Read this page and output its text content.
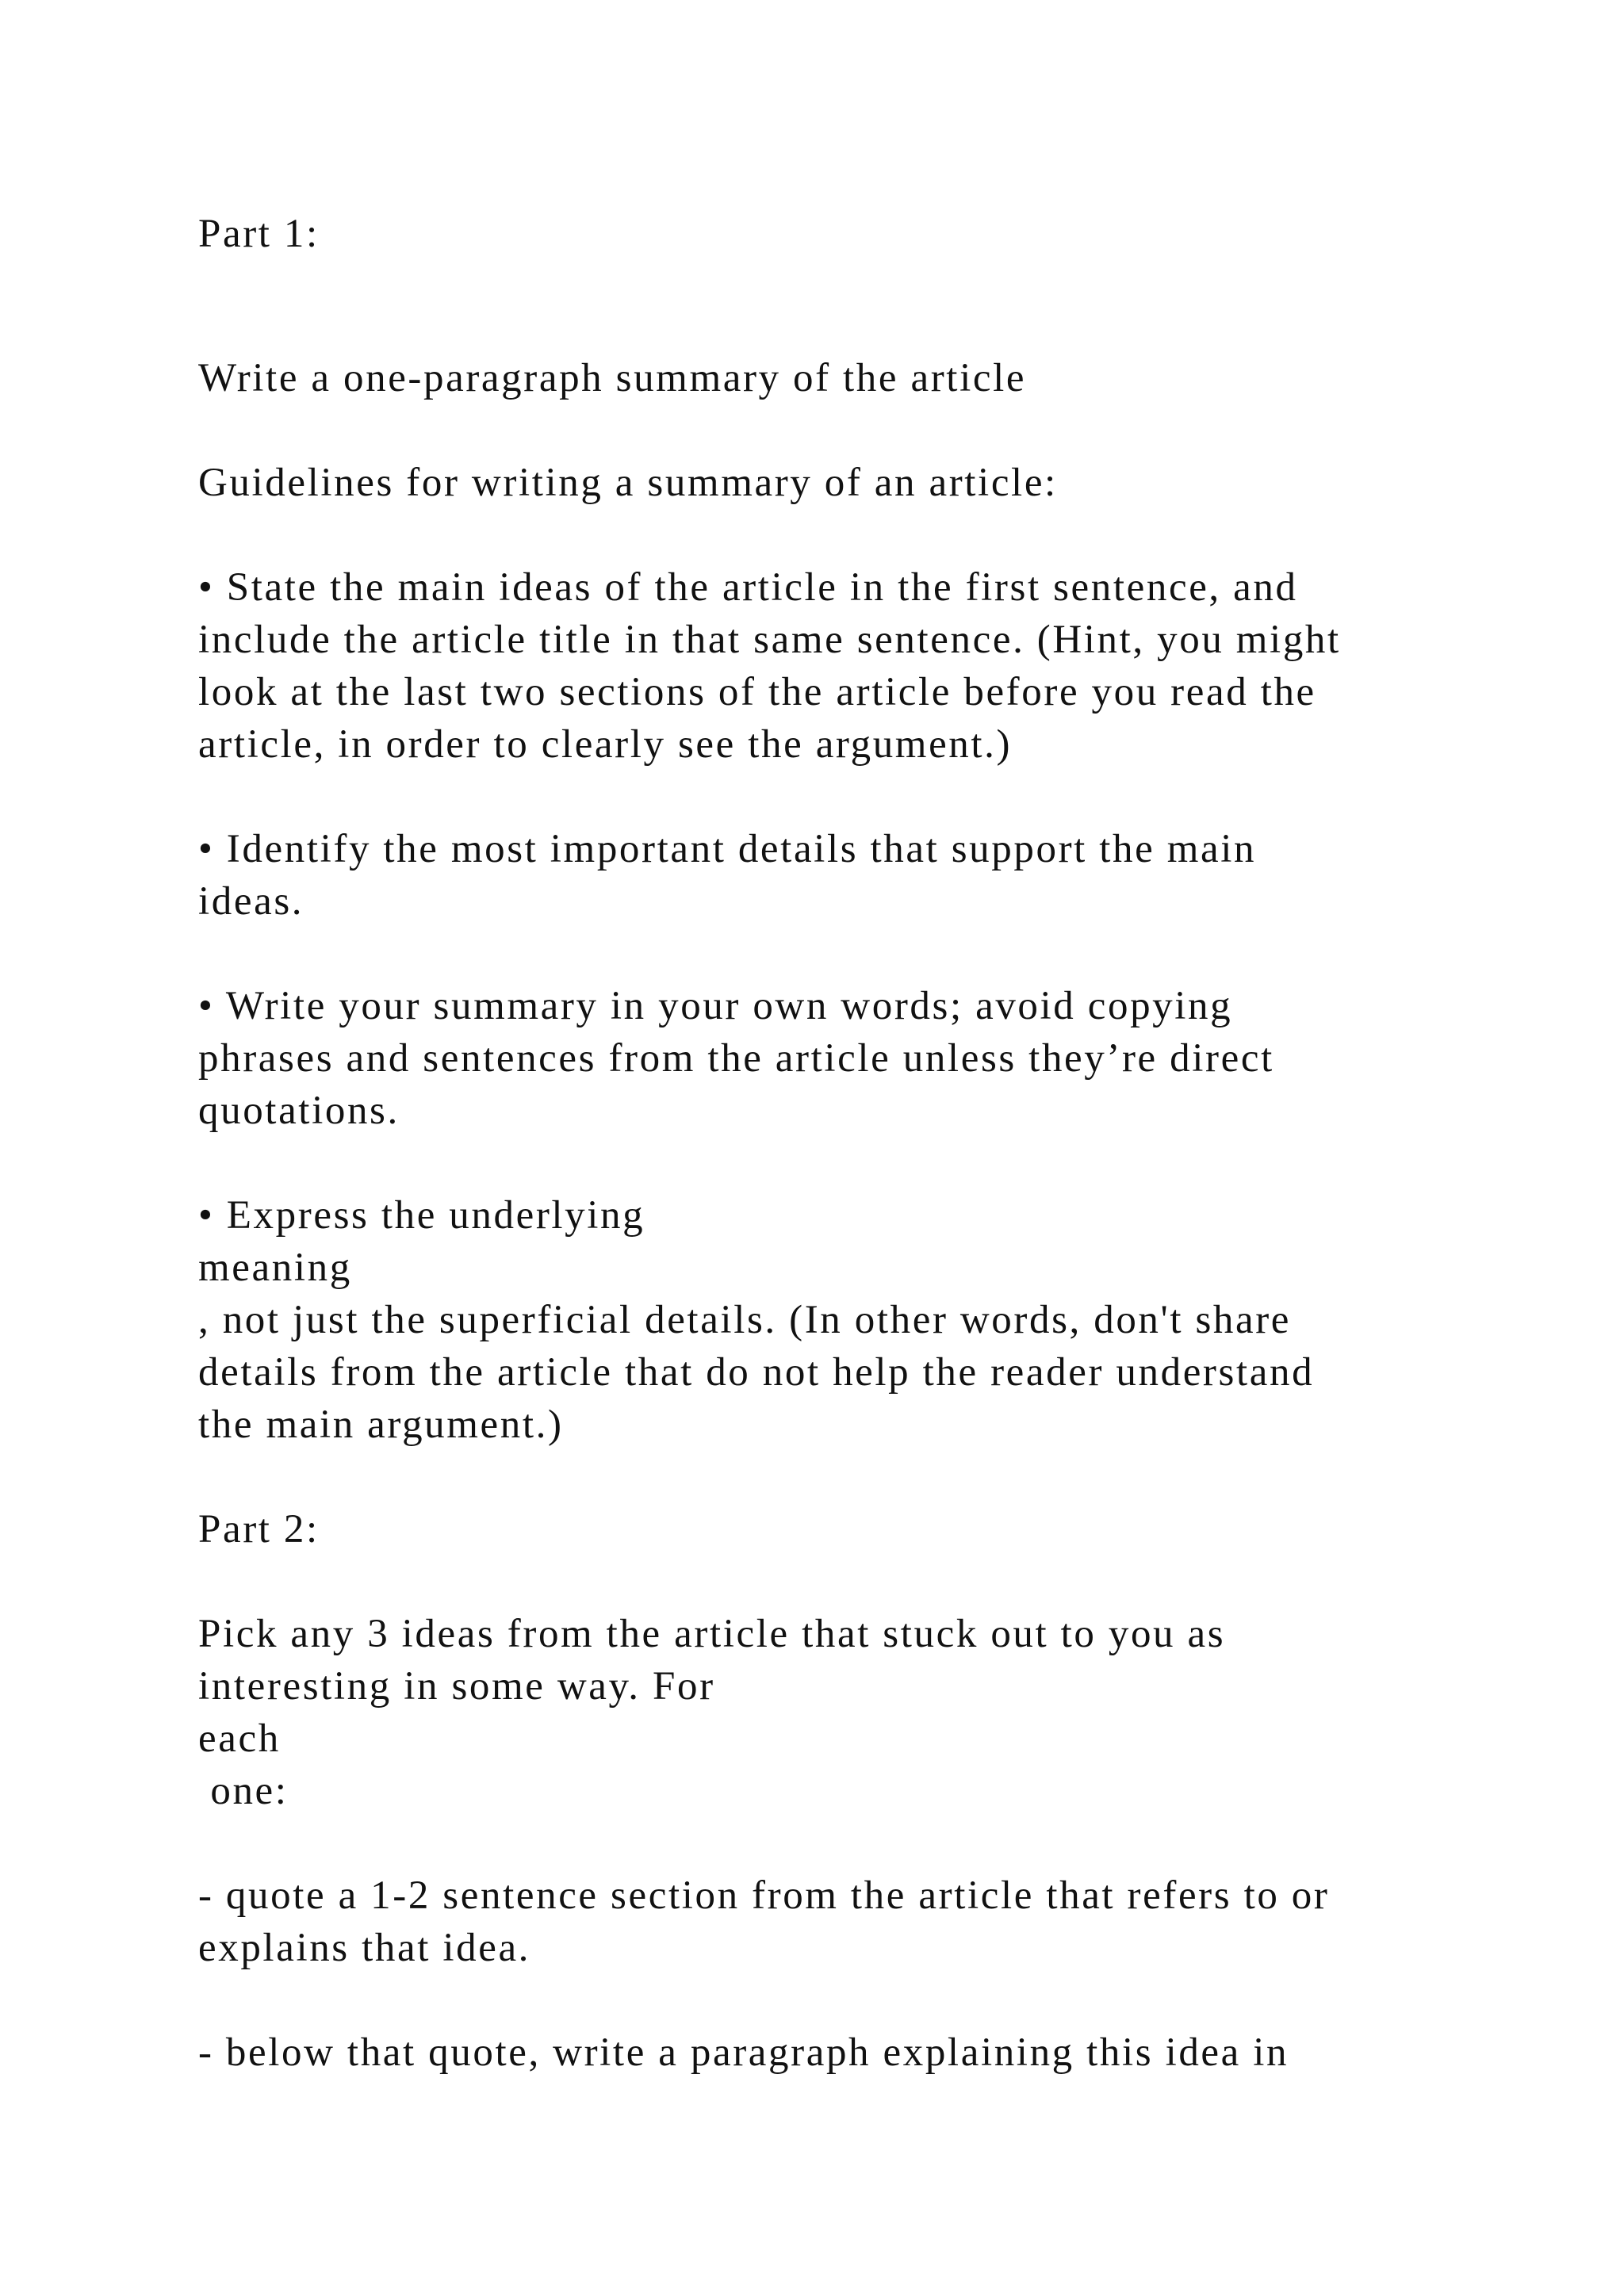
Part 1:

Write a one-paragraph summary of the article

Guidelines for writing a summary of an article:

• State the main ideas of the article in the first sentence, and

include the article title in that same sentence. (Hint, you might

look at the last two sections of the article before you read the

article, in order to clearly see the argument.)

• Identify the most important details that support the main

ideas.

• Write your summary in your own words; avoid copying

phrases and sentences from the article unless they’re direct

quotations.

• Express the underlying

meaning

, not just the superficial details. (In other words, don't share

details from the article that do not help the reader understand

the main argument.)

Part 2:

Pick any 3 ideas from the article that stuck out to you as

interesting in some way. For

each

one:

- quote a 1-2 sentence section from the article that refers to or

explains that idea.

- below that quote, write a paragraph explaining this idea in
